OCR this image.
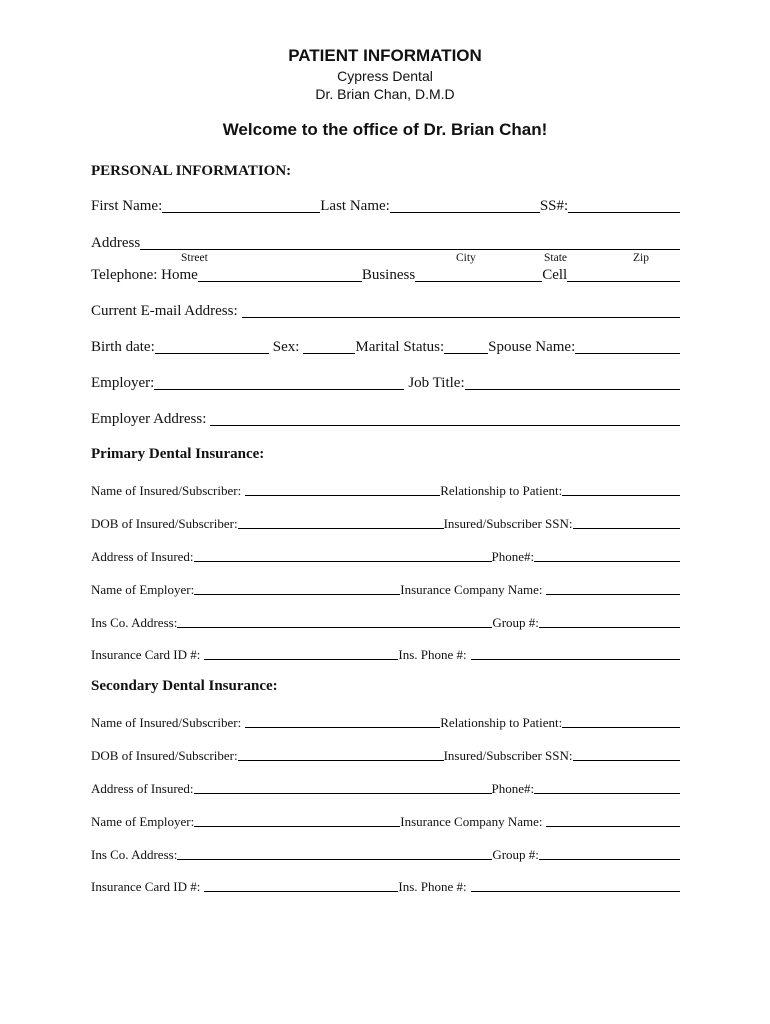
PATIENT INFORMATION
Cypress Dental
Dr. Brian Chan, D.M.D
Welcome to the office of Dr. Brian Chan!
PERSONAL INFORMATION:
First Name:	Last Name:	SS#:
Address
Street	City	State	Zip
Telephone: Home	Business	Cell
Current E-mail Address:
Birth date:	Sex:	Marital Status:	Spouse Name:
Employer:	Job Title:
Employer Address:
Primary Dental Insurance:
Name of Insured/Subscriber:	Relationship to Patient:
DOB of Insured/Subscriber:	Insured/Subscriber SSN:
Address of Insured:	Phone#:
Name of Employer:	Insurance Company Name:
Ins Co. Address:	Group #:
Insurance Card ID #:	Ins. Phone #:
Secondary Dental Insurance:
Name of Insured/Subscriber:	Relationship to Patient:
DOB of Insured/Subscriber:	Insured/Subscriber SSN:
Address of Insured:	Phone#:
Name of Employer:	Insurance Company Name:
Ins Co. Address:	Group #:
Insurance Card ID #:	Ins. Phone #:
